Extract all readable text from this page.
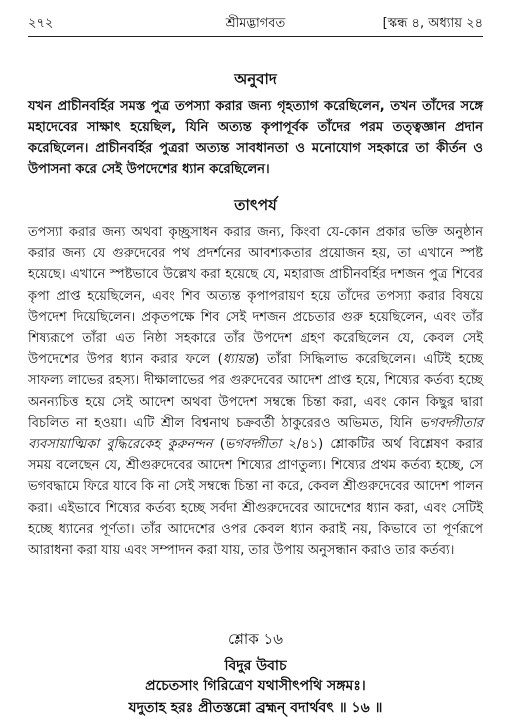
২৭২	শ্রীমদ্ভাগবত	[স্কন্ধ ৪, অধ্যায় ২৪
অনুবাদ
যখন প্রাচীনবর্হির সমস্ত পুত্র তপস্যা করার জন্য গৃহত্যাগ করেছিলেন, তখন তাঁদের সঙ্গে মহাদেবের সাক্ষাৎ হয়েছিল, যিনি অত্যন্ত কৃপাপূর্বক তাঁদের পরম তত্ত্বজ্ঞান প্রদান করেছিলেন। প্রাচীনবর্হির পুত্ররা অত্যন্ত সাবধানতা ও মনোযোগ সহকারে তা কীর্তন ও উপাসনা করে সেই উপদেশের ধ্যান করেছিলেন।
তাৎপর্য
তপস্যা করার জন্য অথবা কৃচ্ছ্রসাধন করার জন্য, কিংবা যে-কোন প্রকার ভক্তি অনুষ্ঠান করার জন্য যে গুরুদেবের পথ প্রদর্শনের আবশ্যকতার প্রয়োজন হয়, তা এখানে স্পষ্ট হয়েছে। এখানে স্পষ্টভাবে উল্লেখ করা হয়েছে যে, মহারাজ প্রাচীনবর্হির দশজন পুত্র শিবের কৃপা প্রাপ্ত হয়েছিলেন, এবং শিব অত্যন্ত কৃপাপরায়ণ হয়ে তাঁদের তপস্যা করার বিষয়ে উপদেশ দিয়েছিলেন। প্রকৃতপক্ষে শিব সেই দশজন প্রচেতার গুরু হয়েছিলেন, এবং তাঁর শিষ্যরূপে তাঁরা এত নিষ্ঠা সহকারে তাঁর উপদেশ গ্রহণ করেছিলেন যে, কেবল সেই উপদেশের উপর ধ্যান করার ফলে (ধ্যায়ন্ত) তাঁরা সিদ্ধিলাভ করেছিলেন। এটিই হচ্ছে সাফল্য লাভের রহস্য। দীক্ষালাভের পর গুরুদেবের আদেশ প্রাপ্ত হয়ে, শিষ্যের কর্তব্য হচ্ছে অনন্যচিত্ত হয়ে সেই আদেশ অথবা উপদেশ সম্বন্ধে চিন্তা করা, এবং কোন কিছুর দ্বারা বিচলিত না হওয়া। এটি শ্রীল বিশ্বনাথ চক্রবর্তী ঠাকুরেরও অভিমত, যিনি ভগবদ্গীতার ব্যবসায়াত্মিকা বুদ্ধিরেকেহ কুরুনন্দন (ভগবদ্গীতা ২/৪১) শ্লোকটির অর্থ বিশ্লেষণ করার সময় বলেছেন যে, শ্রীগুরুদেবের আদেশ শিষ্যের প্রাণতুল্য। শিষ্যের প্রথম কর্তব্য হচ্ছে, সে ভগবদ্ধামে ফিরে যাবে কি না সেই সম্বন্ধে চিন্তা না করে, কেবল শ্রীগুরুদেবের আদেশ পালন করা। এইভাবে শিষ্যের কর্তব্য হচ্ছে সর্বদা শ্রীগুরুদেবের আদেশের ধ্যান করা, এবং সেটিই হচ্ছে ধ্যানের পূর্ণতা। তাঁর আদেশের ওপর কেবল ধ্যান করাই নয়, কিভাবে তা পূর্ণরূপে আরাধনা করা যায় এবং সম্পাদন করা যায়, তার উপায় অনুসন্ধান করাও তার কর্তব্য।
শ্লোক ১৬
বিদুর উবাচ
প্রচেতসাং গিরিত্রেণ যথাসীৎপথি সঙ্গমঃ।
যদুতাহ হরঃ প্রীতস্তন্নো ব্রহ্মন্ বদার্থবৎ ॥ ১৬ ॥
